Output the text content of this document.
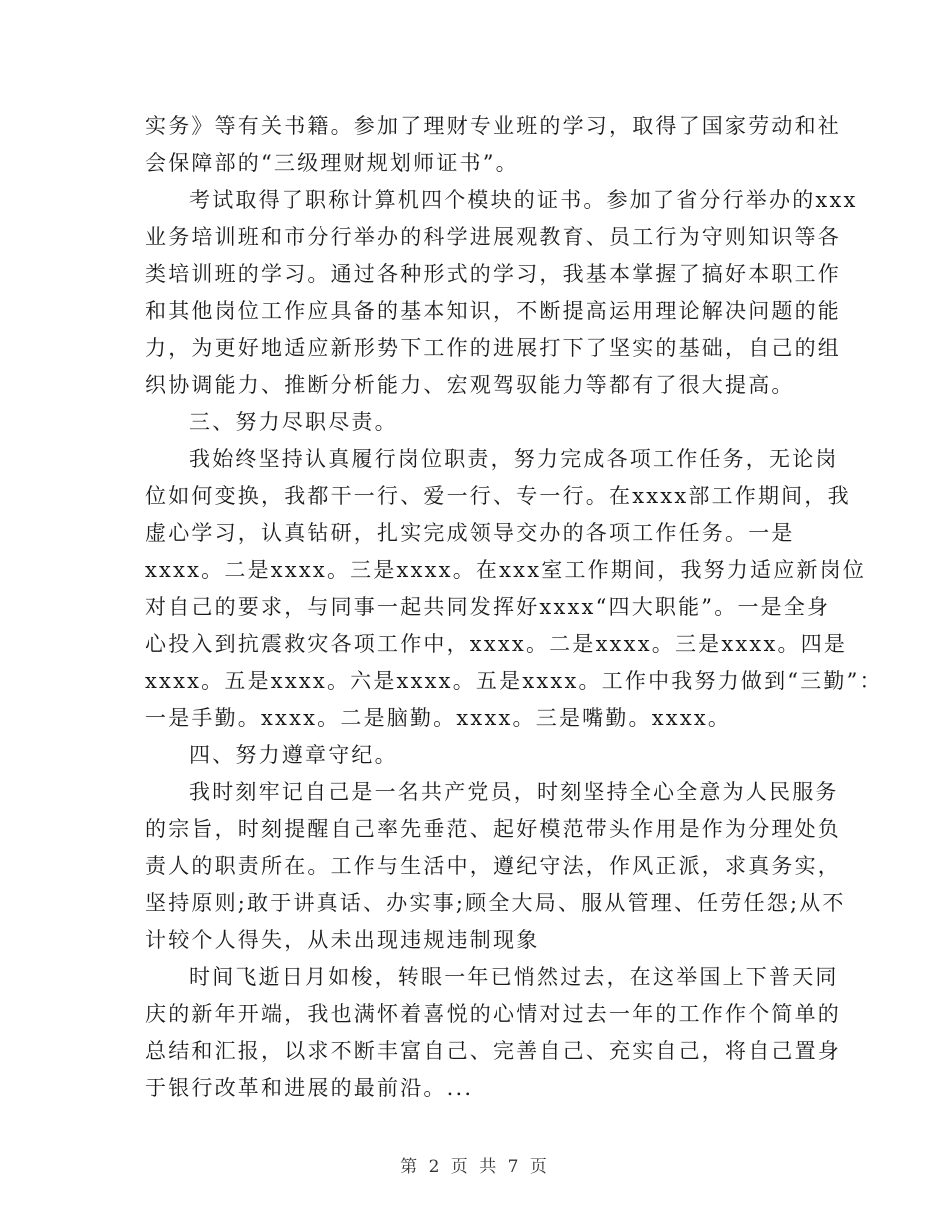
实务》等有关书籍。参加了理财专业班的学习，取得了国家劳动和社
会保障部的“三级理财规划师证书”。
考试取得了职称计算机四个模块的证书。参加了省分行举办的xxx
业务培训班和市分行举办的科学进展观教育、员工行为守则知识等各
类培训班的学习。通过各种形式的学习，我基本掌握了搞好本职工作
和其他岗位工作应具备的基本知识，不断提高运用理论解决问题的能
力，为更好地适应新形势下工作的进展打下了坚实的基础，自己的组
织协调能力、推断分析能力、宏观驾驭能力等都有了很大提高。
三、努力尽职尽责。
我始终坚持认真履行岗位职责，努力完成各项工作任务，无论岗
位如何变换，我都干一行、爱一行、专一行。在xxxx部工作期间，我
虚心学习，认真钻研，扎实完成领导交办的各项工作任务。一是
xxxx。二是xxxx。三是xxxx。在xxx室工作期间，我努力适应新岗位
对自己的要求，与同事一起共同发挥好xxxx“四大职能”。一是全身
心投入到抗震救灾各项工作中，xxxx。二是xxxx。三是xxxx。四是
xxxx。五是xxxx。六是xxxx。五是xxxx。工作中我努力做到“三勤”：
一是手勤。xxxx。二是脑勤。xxxx。三是嘴勤。xxxx。
四、努力遵章守纪。
我时刻牢记自己是一名共产党员，时刻坚持全心全意为人民服务
的宗旨，时刻提醒自己率先垂范、起好模范带头作用是作为分理处负
责人的职责所在。工作与生活中，遵纪守法，作风正派，求真务实，
坚持原则;敢于讲真话、办实事;顾全大局、服从管理、任劳任怨;从不
计较个人得失，从未出现违规违制现象
时间飞逝日月如梭，转眼一年已悄然过去，在这举国上下普天同
庆的新年开端，我也满怀着喜悦的心情对过去一年的工作作个简单的
总结和汇报，以求不断丰富自己、完善自己、充实自己，将自己置身
于银行改革和进展的最前沿。...
第 2 页 共 7 页
